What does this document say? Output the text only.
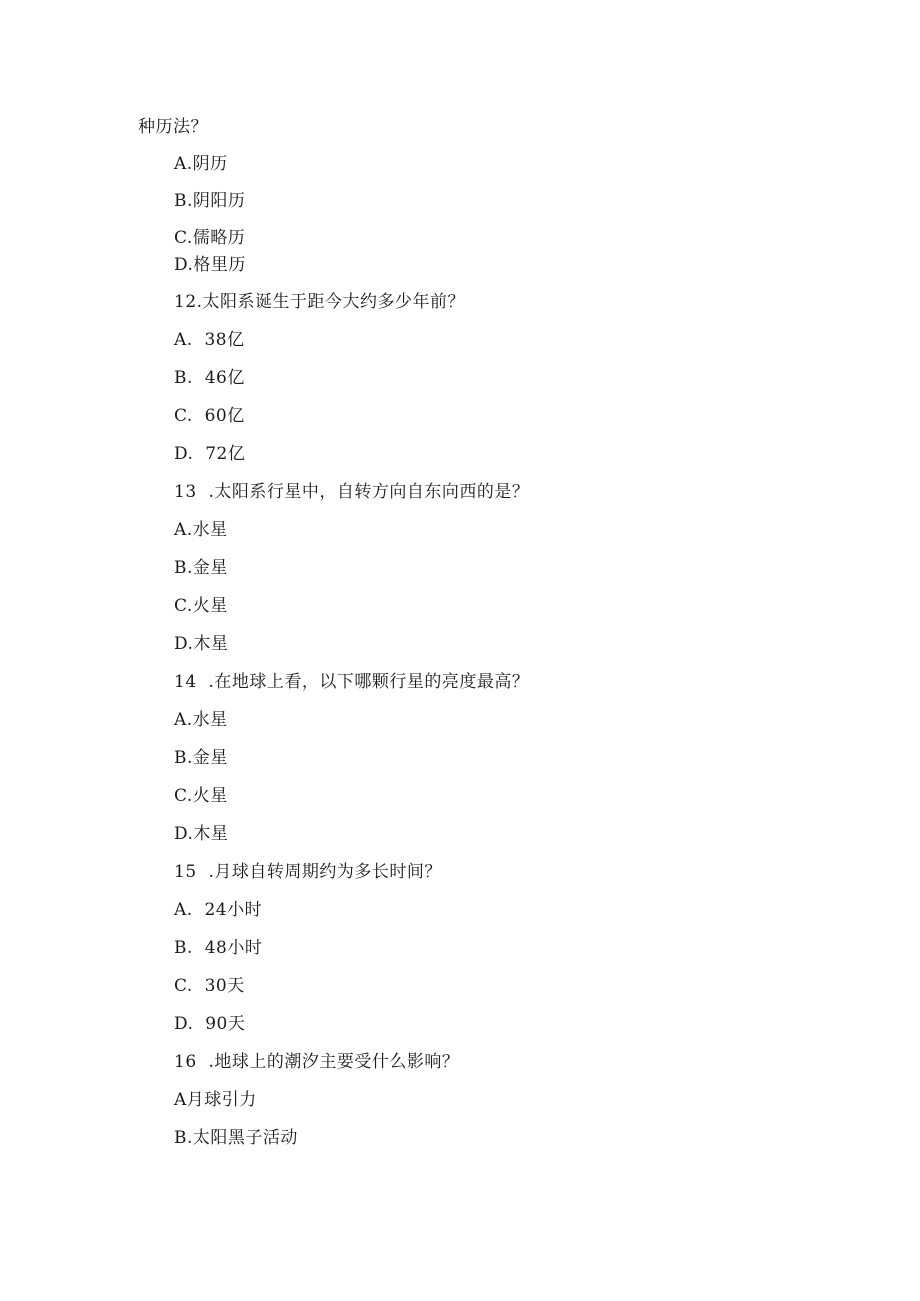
种历法？
A.阴历
B.阴阳历
C.儒略历
D.格里历
12.太阳系诞生于距今大约多少年前？
A.  38亿
B.  46亿
C.  60亿
D.  72亿
13  .太阳系行星中，自转方向自东向西的是？
A.水星
B.金星
C.火星
D.木星
14  .在地球上看，以下哪颗行星的亮度最高？
A.水星
B.金星
C.火星
D.木星
15  .月球自转周期约为多长时间？
A.  24小时
B.  48小时
C.  30天
D.  90天
16  .地球上的潮汐主要受什么影响？
A月球引力
B.太阳黑子活动
